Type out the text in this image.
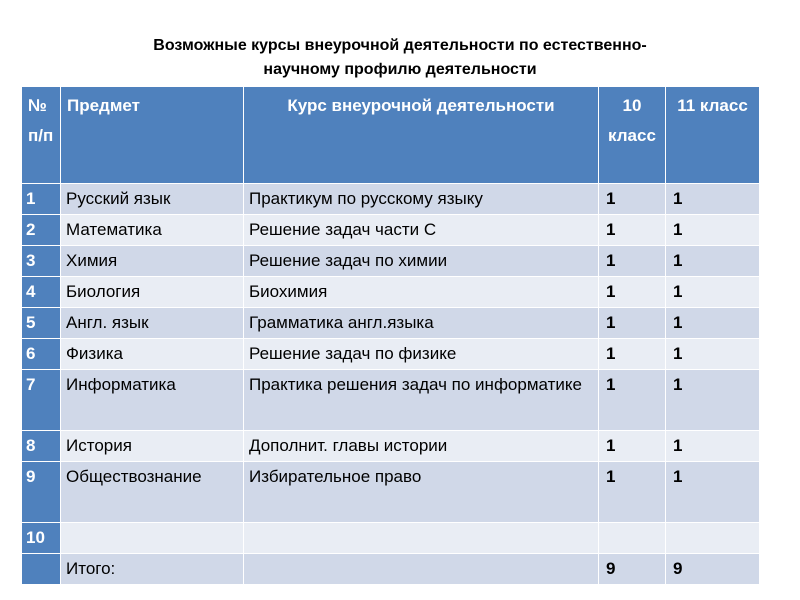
Возможные курсы внеурочной деятельности по естественно-
научному профилю деятельности
№ п/п	Предмет	Курс внеурочной деятельности	10 класс	11 класс
1	Русский язык	Практикум по русскому языку	1	1
2	Математика	Решение задач части С	1	1
3	Химия	Решение задач по химии	1	1
4	Биология	Биохимия	1	1
5	Англ. язык	Грамматика англ.языка	1	1
6	Физика	Решение задач по физике	1	1
7	Информатика	Практика решения задач по информатике	1	1
8	История	Дополнит. главы истории	1	1
9	Обществознание	Избирательное право	1	1
10				
	Итого:		9	9
